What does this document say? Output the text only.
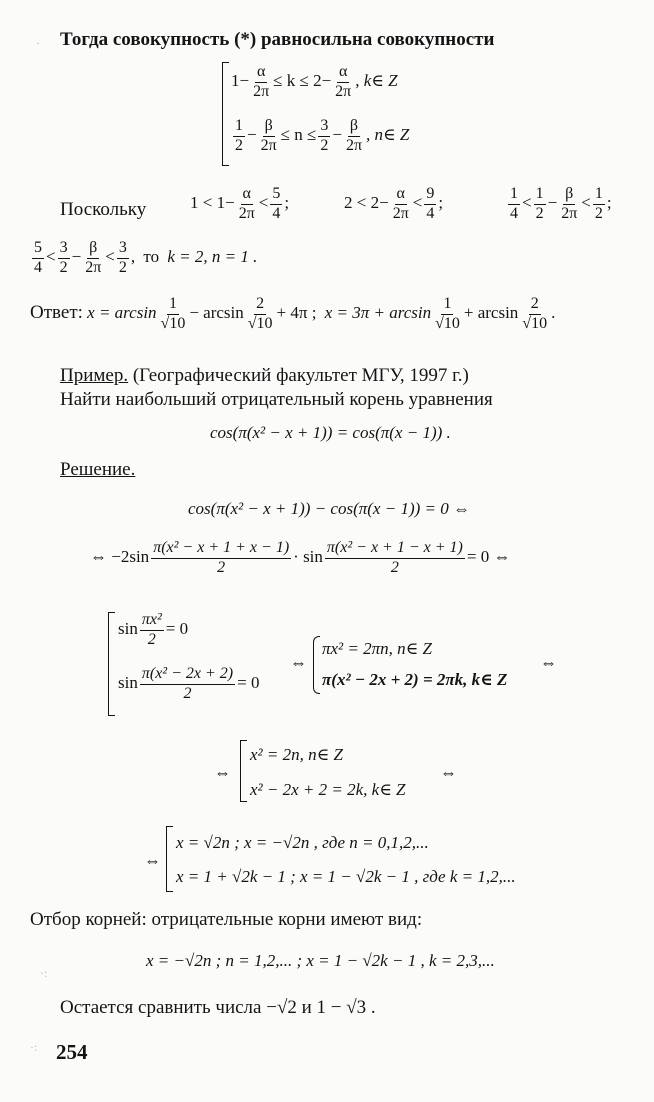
Тогда совокупность (*) равносильна совокупности
$1- \frac{\alpha}{2\pi} \le k \le 2- \frac{\alpha}{2\pi}$ , k∈ Z
$\frac{1}{2} - \frac{\beta}{2\pi} \le n \le \frac{3}{2} - \frac{\beta}{2\pi}$ , n∈ Z
Поскольку	$1 < 1- \frac{\alpha}{2\pi} < \frac{5}{4}$ ;	$2 < 2- \frac{\alpha}{2\pi} < \frac{9}{4}$ ;	$\frac{1}{4} < \frac{1}{2} - \frac{\beta}{2\pi} < \frac{1}{2}$ ;
$\frac{5}{4} < \frac{3}{2} - \frac{\beta}{2\pi} < \frac{3}{2}$ , то k = 2, n = 1 .
Ответ: $x = \arcsin \frac{1}{√10} - \arcsin \frac{2}{√10} + 4\pi$ ; $x = 3\pi + \arcsin \frac{1}{√10} + \arcsin \frac{2}{√10}$ .
Пример. (Географический факультет МГУ, 1997 г.)
Найти наибольший отрицательный корень уравнения
cos(π(x² − x + 1)) = cos(π(x − 1)) .
Решение.
cos(π(x² − x + 1)) − cos(π(x − 1)) = 0 ⇔
⇔ $-2\sin \frac{\text{π(x² − x + 1 + x − 1)}}{2} \cdot \sin \frac{\text{π(x² − x + 1 − x + 1)}}{2} = 0$ ⇔
$\sin \frac{\text{πx²}}{2} = 0$
$\sin \frac{\text{π(x² − 2x + 2)}}{2} = 0$
⇔
πx² = 2πn, n∈ Z
π(x² − 2x + 2) = 2πk, k∈ Z
⇔
⇔
x² = 2n, n∈ Z
x² − 2x + 2 = 2k, k∈ Z
⇔
⇔
x = √2n ; x = −√2n , где n = 0,1,2,...
x = 1 + √2k − 1 ; x = 1 − √2k − 1 , где k = 1,2,...
Отбор корней: отрицательные корни имеют вид:
x = −√2n ; n = 1,2,... ; x = 1 − √2k − 1 , k = 2,3,...
Остается сравнить числа −√2 и 1 − √3 .
254
·
·:
·:
